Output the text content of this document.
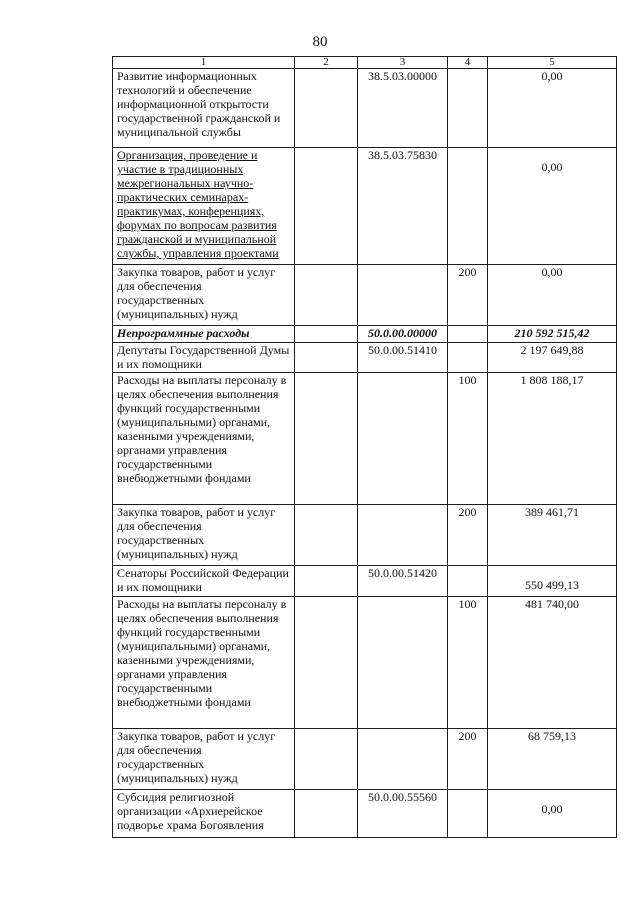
80
1	2	3	4	5
Развитие информационных технологий и обеспечение информационной открытости государственной гражданской и муниципальной службы		38.5.03.00000		0,00
Организация, проведение и участие в традиционных межрегиональных научно-практических семинарах-практикумах, конференциях, форумах по вопросам развития гражданской и муниципальной службы, управления проектами		38.5.03.75830		0,00
Закупка товаров, работ и услуг для обеспечения государственных (муниципальных) нужд			200	0,00
Непрограммные расходы		50.0.00.00000		210 592 515,42
Депутаты Государственной Думы и их помощники		50.0.00.51410		2 197 649,88
Расходы на выплаты персоналу в целях обеспечения выполнения функций государственными (муниципальными) органами, казенными учреждениями, органами управления государственными внебюджетными фондами			100	1 808 188,17
Закупка товаров, работ и услуг для обеспечения государственных (муниципальных) нужд			200	389 461,71
Сенаторы Российской Федерации и их помощники		50.0.00.51420		550 499,13
Расходы на выплаты персоналу в целях обеспечения выполнения функций государственными (муниципальными) органами, казенными учреждениями, органами управления государственными внебюджетными фондами			100	481 740,00
Закупка товаров, работ и услуг для обеспечения государственных (муниципальных) нужд			200	68 759,13
Субсидия религиозной организации «Архиерейское подворье храма Богоявления		50.0.00.55560		0,00
